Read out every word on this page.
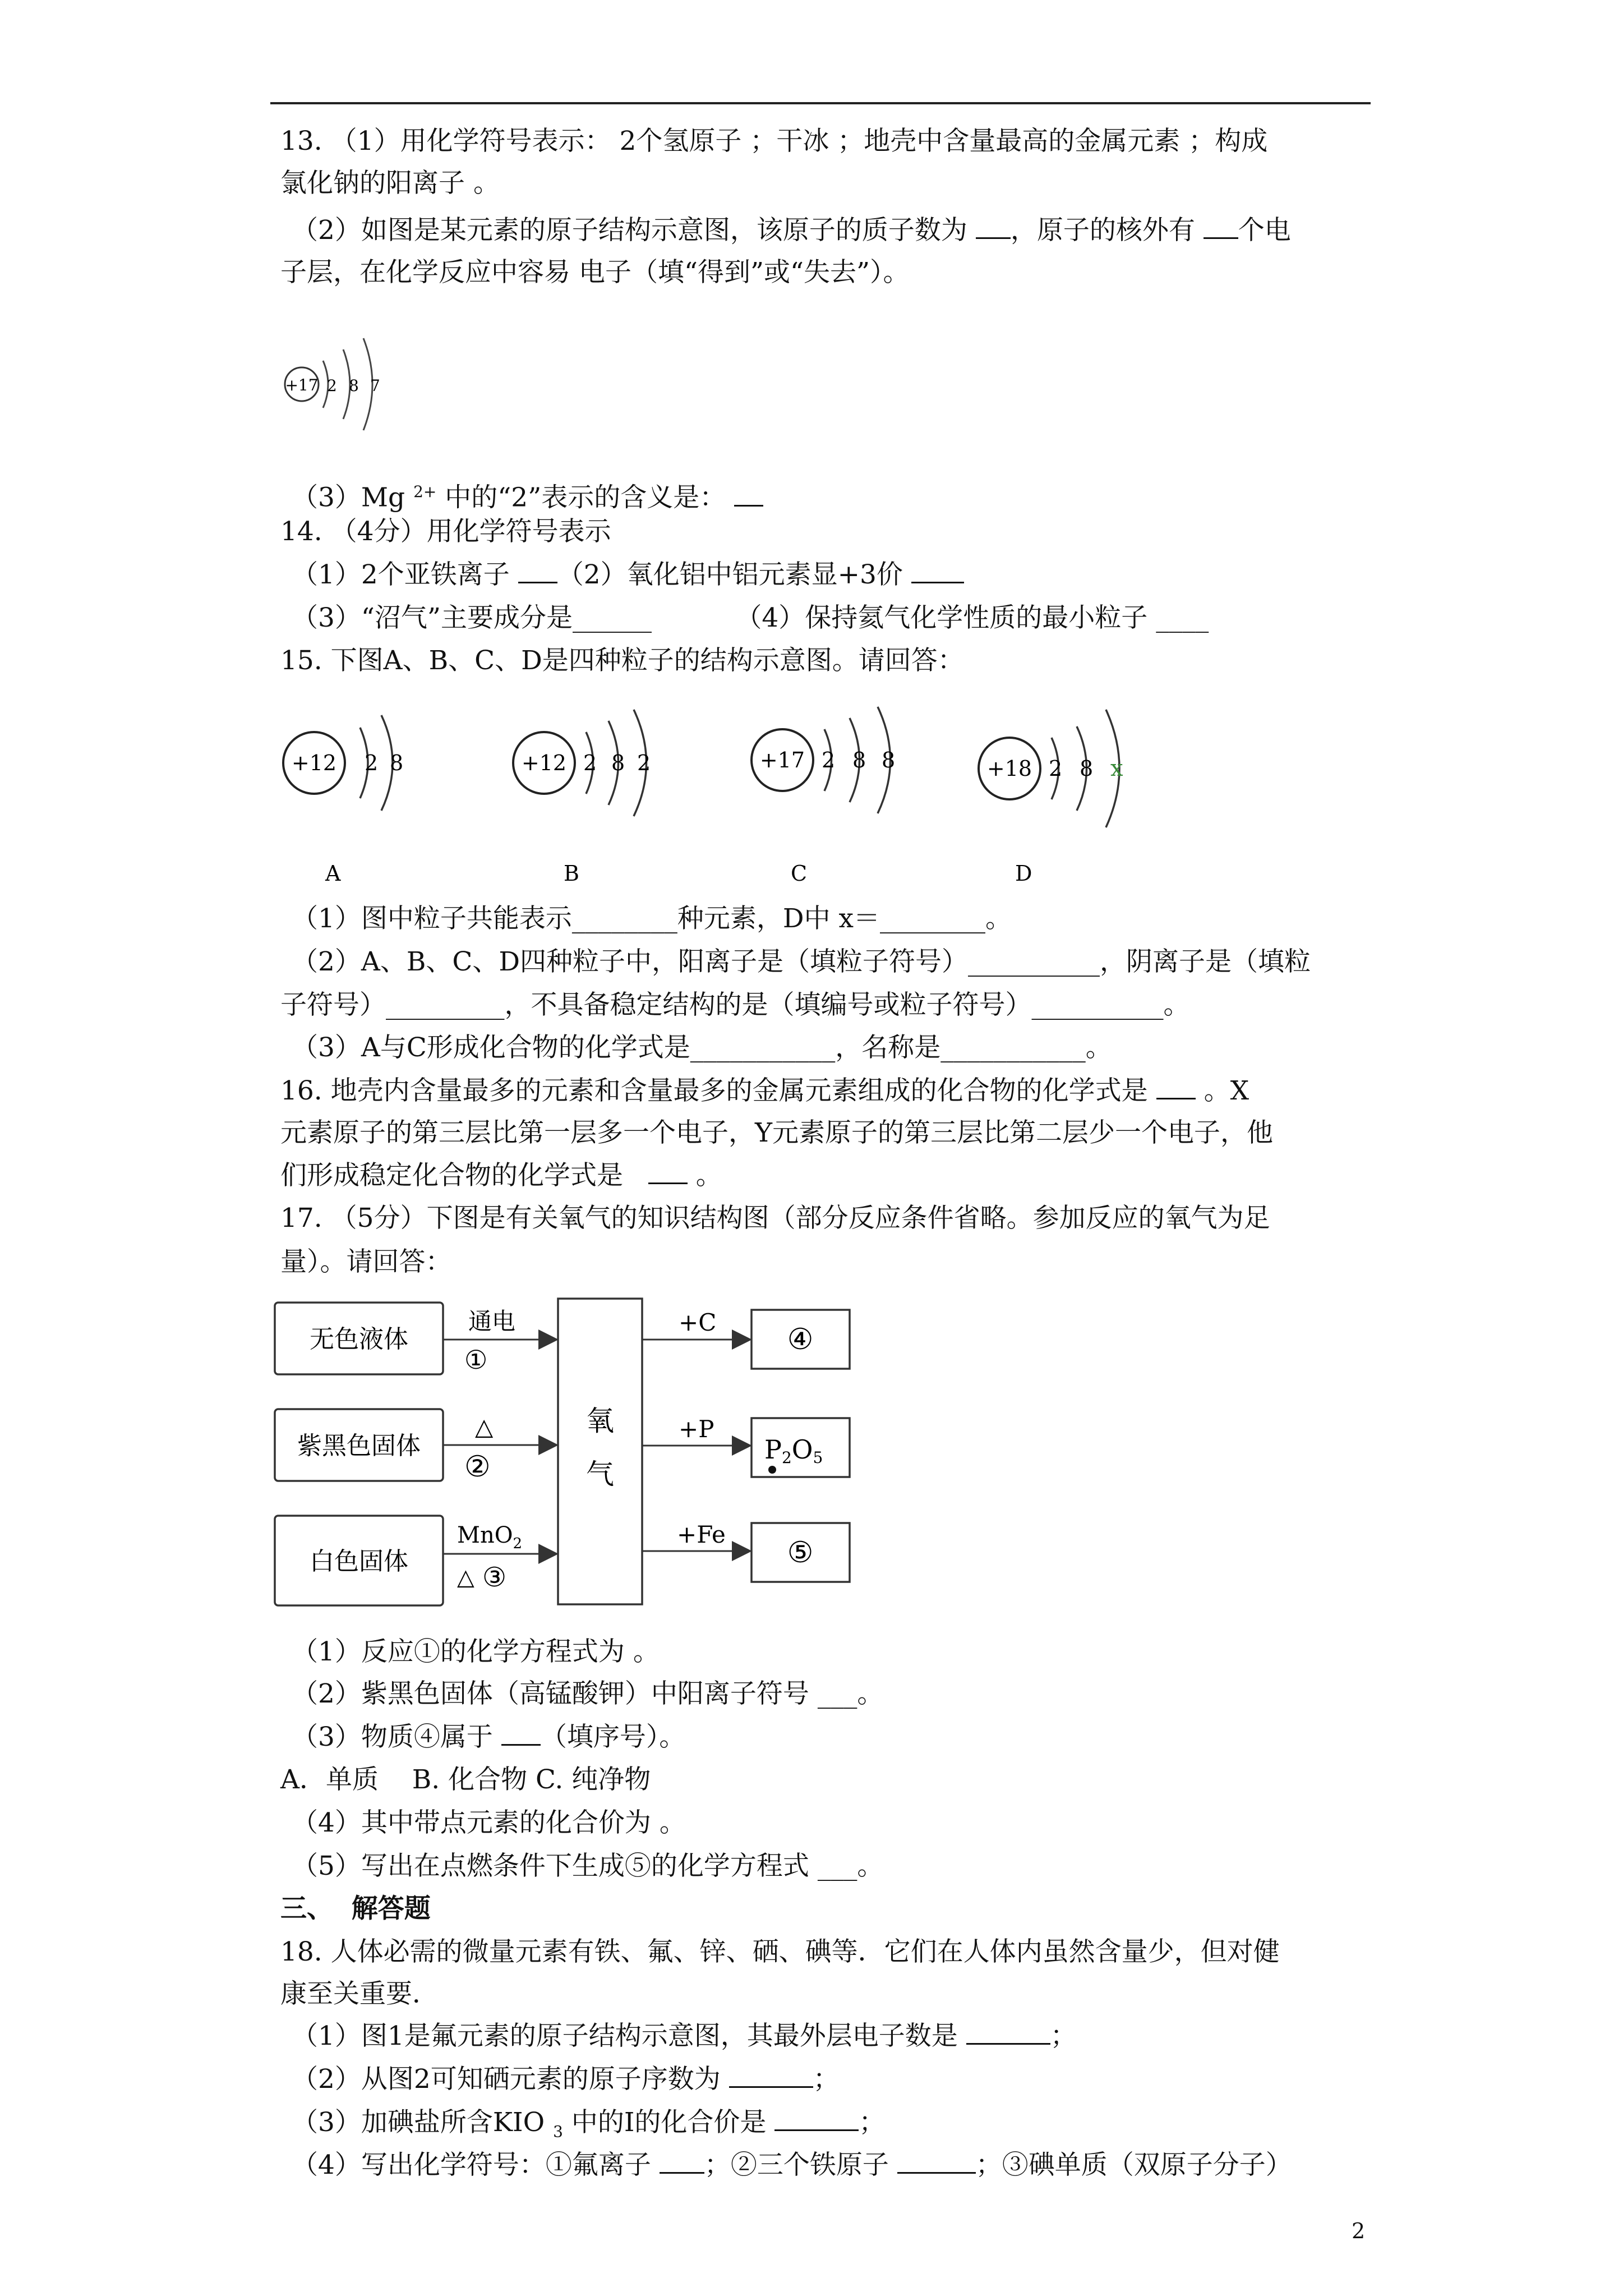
13. （1）用化学符号表示： 2个氢原子 ；干冰 ；地壳中含量最高的金属元素 ；构成
氯化钠的阳离子 。
（2）如图是某元素的原子结构示意图，该原子的质子数为 ，原子的核外有 个电
子层，在化学反应中容易 电子（填“得到”或“失去”）。
+17 2 8 7
（3）Mg $^{2+}$ 中的“2”表示的含义是：
14. （4分）用化学符号表示
（1）2个亚铁离子 （2）氧化铝中铝元素显+3价
（3）“沼气”主要成分是______	（4）保持氦气化学性质的最小粒子 ____
15. 下图A、B、C、D是四种粒子的结构示意图。请回答：
+12 2 8
A
+12 2 8 2
B
+17 2 8 8
C
+18 2 8 x
D
（1）图中粒子共能表示________种元素，D中 x＝________。
（2）A、B、C、D四种粒子中，阳离子是（填粒子符号）__________，阴离子是（填粒
子符号）_________，不具备稳定结构的是（填编号或粒子符号）__________。
（3）A与C形成化合物的化学式是___________，名称是___________。
16. 地壳内含量最多的元素和含量最多的金属元素组成的化合物的化学式是  。X
元素原子的第三层比第一层多一个电子，Y元素原子的第三层比第二层少一个电子，他
们形成稳定化合物的化学式是    。
17. （5分）下图是有关氧气的知识结构图（部分反应条件省略。参加反应的氧气为足
量）。请回答：
无色液体
紫黑色固体
白色固体
通电
①
△
②
MnO$_2$
△ ③
氧
气
+C
+P
+Fe
④
P2O5
⑤
（1）反应①的化学方程式为 。
（2）紫黑色固体（高锰酸钾）中阳离子符号 ___。
（3）物质④属于 （填序号）。
A．单质    B. 化合物 C. 纯净物
（4）其中带点元素的化合价为 。
（5）写出在点燃条件下生成⑤的化学方程式 ___。
三、  解答题
18. 人体必需的微量元素有铁、氟、锌、硒、碘等．它们在人体内虽然含量少，但对健
康至关重要．
（1）图1是氟元素的原子结构示意图，其最外层电子数是	；
（2）从图2可知硒元素的原子序数为	；
（3）加碘盐所含KIO $_3$ 中的I的化合价是	；
（4）写出化学符号：①氟离子 ；②三个铁原子	；③碘单质（双原子分子）
2
